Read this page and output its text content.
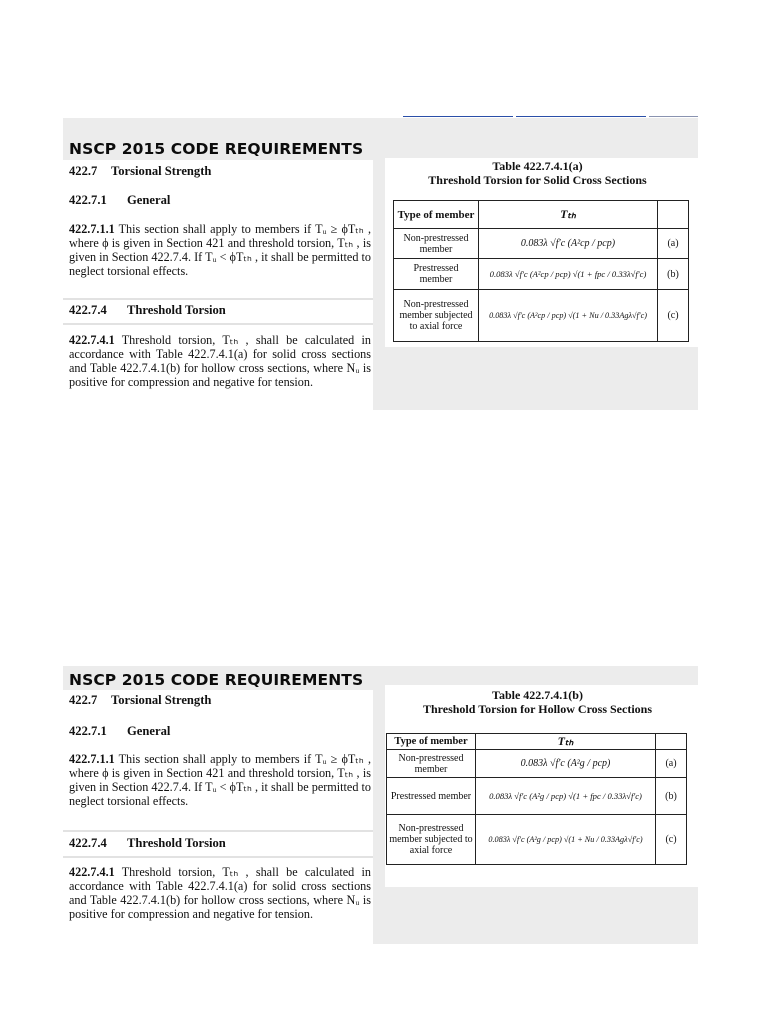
NSCP 2015 CODE REQUIREMENTS
422.7 Torsional Strength
422.7.1 General
422.7.1.1 This section shall apply to members if Tᵤ ≥ ϕTₜₕ , where ϕ is given in Section 421 and threshold torsion, Tₜₕ , is given in Section 422.7.4. If Tᵤ < ϕTₜₕ , it shall be permitted to neglect torsional effects.
422.7.4 Threshold Torsion
422.7.4.1 Threshold torsion, Tₜₕ , shall be calculated in accordance with Table 422.7.4.1(a) for solid cross sections and Table 422.7.4.1(b) for hollow cross sections, where Nᵤ is positive for compression and negative for tension.
Table 422.7.4.1(a)
Threshold Torsion for Solid Cross Sections
Type of member	Tₜₕ	
Non-prestressed member	0.083λ √f′c (A²cp / pcp)	(a)
Prestressed member	0.083λ √f′c (A²cp / pcp) √(1 + fpc / 0.33λ√f′c)	(b)
Non-prestressed member subjected to axial force	0.083λ √f′c (A²cp / pcp) √(1 + Nu / 0.33Agλ√f′c)	(c)
NSCP 2015 CODE REQUIREMENTS
422.7 Torsional Strength
422.7.1 General
422.7.1.1 This section shall apply to members if Tᵤ ≥ ϕTₜₕ , where ϕ is given in Section 421 and threshold torsion, Tₜₕ , is given in Section 422.7.4. If Tᵤ < ϕTₜₕ , it shall be permitted to neglect torsional effects.
422.7.4 Threshold Torsion
422.7.4.1 Threshold torsion, Tₜₕ , shall be calculated in accordance with Table 422.7.4.1(a) for solid cross sections and Table 422.7.4.1(b) for hollow cross sections, where Nᵤ is positive for compression and negative for tension.
Table 422.7.4.1(b)
Threshold Torsion for Hollow Cross Sections
Type of member	Tₜₕ	
Non-prestressed member	0.083λ √f′c (A²g / pcp)	(a)
Prestressed member	0.083λ √f′c (A²g / pcp) √(1 + fpc / 0.33λ√f′c)	(b)
Non-prestressed member subjected to axial force	0.083λ √f′c (A²g / pcp) √(1 + Nu / 0.33Agλ√f′c)	(c)
